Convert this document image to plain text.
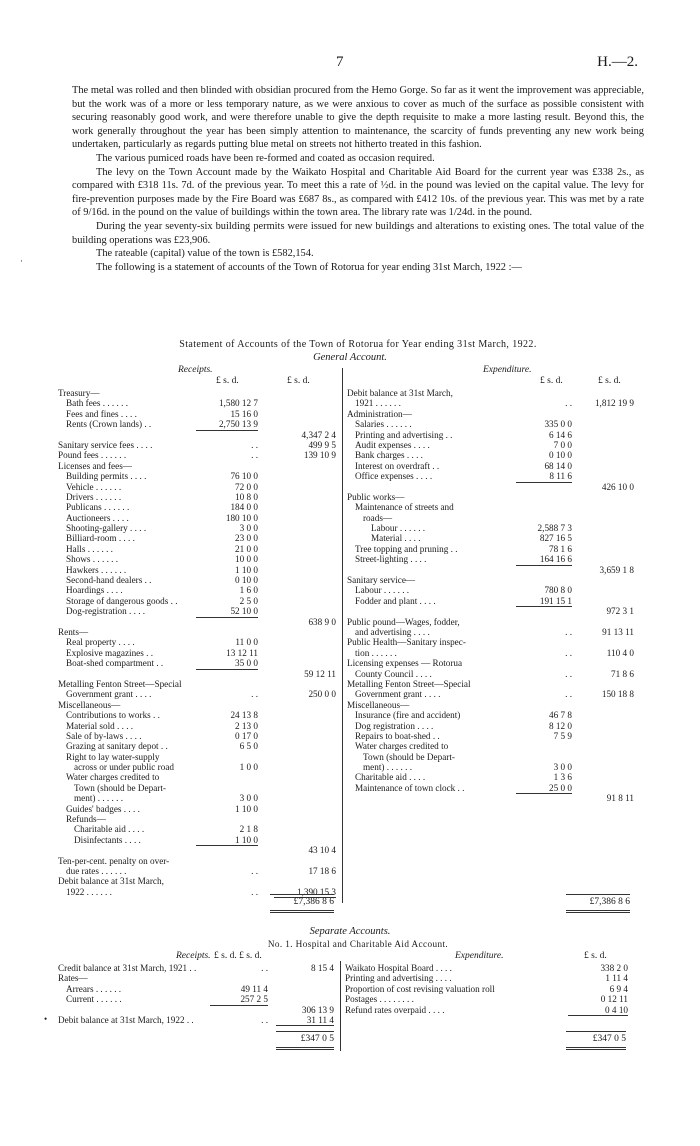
7	H.—2.

The metal was rolled and then blinded with obsidian procured from the Hemo Gorge. So far as it went the improvement was appreciable, but the work was of a more or less temporary nature, as we were anxious to cover as much of the surface as possible consistent with securing reasonably good work, and were therefore unable to give the depth requisite to make a more lasting result. Beyond this, the work generally throughout the year has been simply attention to maintenance, the scarcity of funds preventing any new work being undertaken, particularly as regards putting blue metal on streets not hitherto treated in this fashion.

The various pumiced roads have been re-formed and coated as occasion required.

The levy on the Town Account made by the Waikato Hospital and Charitable Aid Board for the current year was £338 2s., as compared with £318 11s. 7d. of the previous year. To meet this a rate of ½d. in the pound was levied on the capital value. The levy for fire-prevention purposes made by the Fire Board was £687 8s., as compared with £412 10s. of the previous year. This was met by a rate of 9/16d. in the pound on the value of buildings within the town area. The library rate was 1/24d. in the pound.

During the year seventy-six building permits were issued for new buildings and alterations to existing ones. The total value of the building operations was £23,906.

The rateable (capital) value of the town is £582,154.

The following is a statement of accounts of the Town of Rotorua for year ending 31st March, 1922 :—

Statement of Accounts of the Town of Rotorua for Year ending 31st March, 1922.
General Account.
Receipts.	Expenditure.
£ s. d.	£ s. d.	£ s. d.	£ s. d.
Treasury—
Bath fees . . . . . .	1,580 12 7
Fees and fines . . . .	15 16 0
Rents (Crown lands) . .	2,750 13 9
4,347 2 4
Sanitary service fees . . . .	. .	499 9 5
Pound fees . . . . . .	. .	139 10 9
Licenses and fees—
Building permits . . . .	76 10 0
Vehicle . . . . . .	72 0 0
Drivers . . . . . .	10 8 0
Publicans . . . . . .	184 0 0
Auctioneers . . . .	180 10 0
Shooting-gallery . . . .	3 0 0
Billiard-room . . . .	23 0 0
Halls . . . . . .	21 0 0
Shows . . . . . .	10 0 0
Hawkers . . . . . .	1 10 0
Second-hand dealers . .	0 10 0
Hoardings . . . .	1 6 0
Storage of dangerous goods . .	2 5 0
Dog-registration . . . .	52 10 0
638 9 0
Rents—
Real property . . . .	11 0 0
Explosive magazines . .	13 12 11
Boat-shed compartment . .	35 0 0
59 12 11
Metalling Fenton Street—Special
Government grant . . . .	. .	250 0 0
Miscellaneous—
Contributions to works . .	24 13 8
Material sold . . . .	2 13 0
Sale of by-laws . . . .	0 17 0
Grazing at sanitary depot . .	6 5 0
Right to lay water-supply
across or under public road	1 0 0
Water charges credited to
Town (should be Depart-
ment) . . . . . .	3 0 0
Guides' badges . . . .	1 10 0
Refunds—
Charitable aid . . . .	2 1 8
Disinfectants . . . .	1 10 0
43 10 4
Ten-per-cent. penalty on over-
due rates . . . . . .	. .	17 18 6
Debit balance at 31st March,
1922 . . . . . .	. .	1,390 15 3
Debit balance at 31st March,
1921 . . . . . .	. .	1,812 19 9
Administration—
Salaries . . . . . .	335 0 0
Printing and advertising . .	6 14 6
Audit expenses . . . .	7 0 0
Bank charges . . . .	0 10 0
Interest on overdraft . .	68 14 0
Office expenses . . . .	8 11 6
426 10 0
Public works—
Maintenance of streets and
roads—
Labour . . . . . .	2,588 7 3
Material . . . .	827 16 5
Tree topping and pruning . .	78 1 6
Street-lighting . . . .	164 16 6
3,659 1 8
Sanitary service—
Labour . . . . . .	780 8 0
Fodder and plant . . . .	191 15 1
972 3 1
Public pound—Wages, fodder,
and advertising . . . .	. .	91 13 11
Public Health—Sanitary inspec-
tion . . . . . .	. .	110 4 0
Licensing expenses — Rotorua
County Council . . . .	. .	71 8 6
Metalling Fenton Street—Special
Government grant . . . .	. .	150 18 8
Miscellaneous—
Insurance (fire and accident)	46 7 8
Dog registration . . . .	8 12 0
Repairs to boat-shed . .	7 5 9
Water charges credited to
Town (should be Depart-
ment) . . . . . .	3 0 0
Charitable aid . . . .	1 3 6
Maintenance of town clock . .	25 0 0
91 8 11
£7,386 8 6	£7,386 8 6
Separate Accounts.
No. 1. Hospital and Charitable Aid Account.
Receipts. £ s. d. £ s. d.	Expenditure.	£ s. d.
Credit balance at 31st March, 1921 . .	. .	8 15 4
Rates—
Arrears . . . . . .	49 11 4
Current . . . . . .	257 2 5
306 13 9
Debit balance at 31st March, 1922 . .	. .	31 11 4
Waikato Hospital Board . . . .	338 2 0
Printing and advertising . . . .	1 11 4
Proportion of cost revising valuation roll	6 9 4
Postages . . . . . . . .	0 12 11
Refund rates overpaid . . . .	0 4 10
£347 0 5	£347 0 5
•
·
